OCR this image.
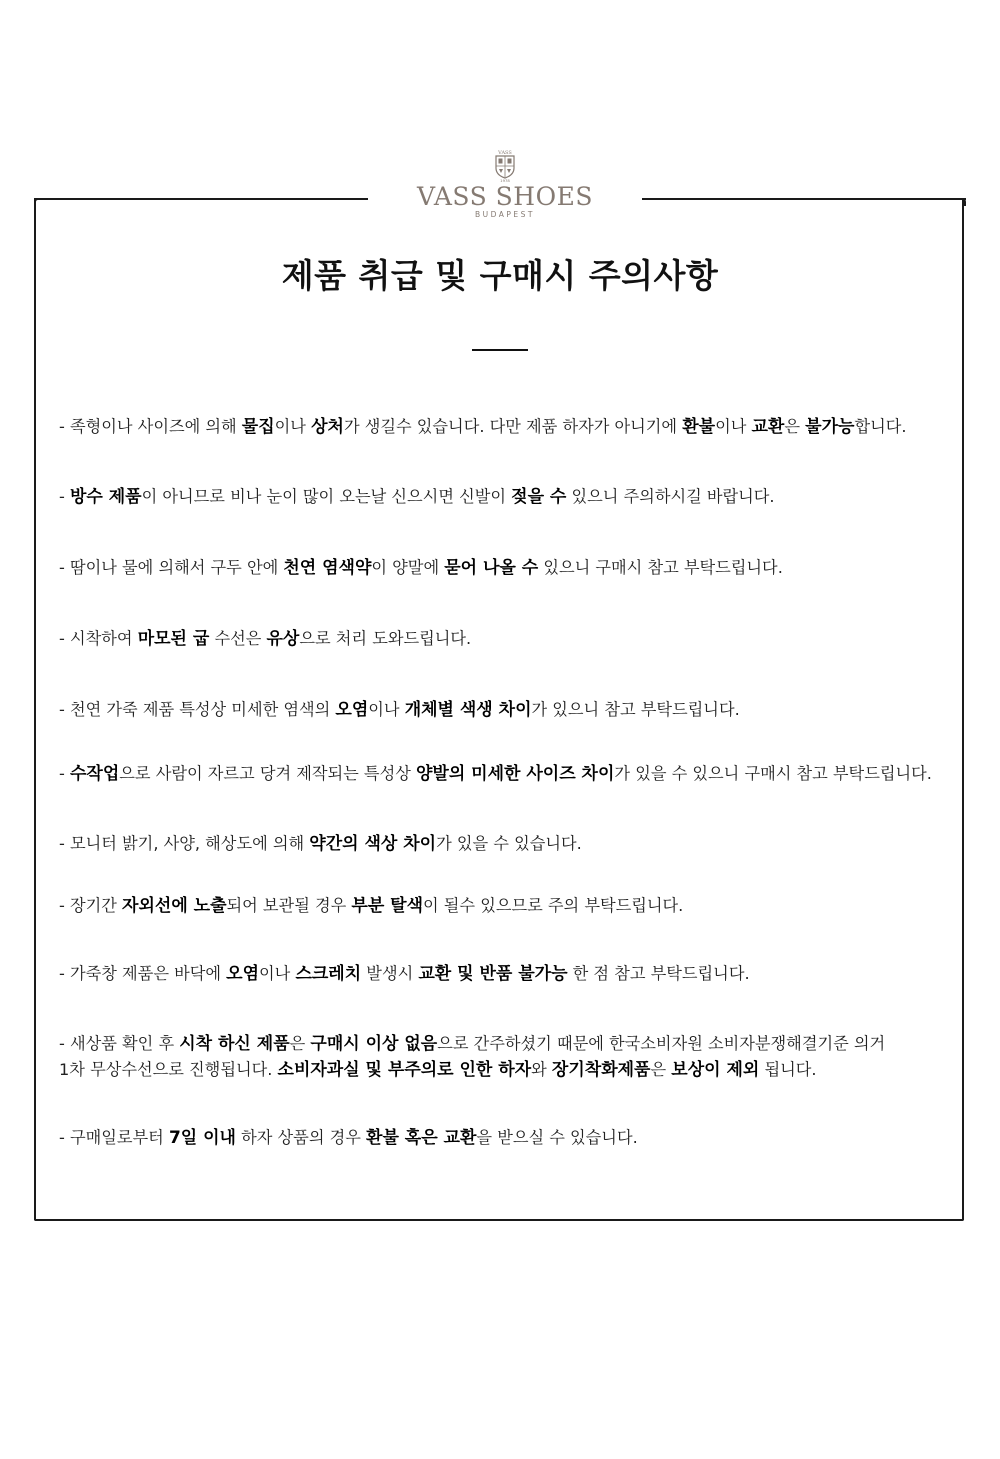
VASS
1978
VASS SHOES
BUDAPEST
제품 취급 및 구매시 주의사항

- 족형이나 사이즈에 의해 물집이나 상처가 생길수 있습니다. 다만 제품 하자가 아니기에 환불이나 교환은 불가능합니다.

- 방수 제품이 아니므로 비나 눈이 많이 오는날 신으시면 신발이 젖을 수 있으니 주의하시길 바랍니다.

- 땀이나 물에 의해서 구두 안에 천연 염색약이 양말에 묻어 나올 수 있으니 구매시 참고 부탁드립니다.

- 시착하여 마모된 굽 수선은 유상으로 처리 도와드립니다.

- 천연 가죽 제품 특성상 미세한 염색의 오염이나 개체별 색생 차이가 있으니 참고 부탁드립니다.

- 수작업으로 사람이 자르고 당겨 제작되는 특성상 양발의 미세한 사이즈 차이가 있을 수 있으니 구매시 참고 부탁드립니다.

- 모니터 밝기, 사양, 해상도에 의해 약간의 색상 차이가 있을 수 있습니다.

- 장기간 자외선에 노출되어 보관될 경우 부분 탈색이 될수 있으므로 주의 부탁드립니다.

- 가죽창 제품은 바닥에 오염이나 스크레치 발생시 교환 및 반품 불가능 한 점 참고 부탁드립니다.

- 새상품 확인 후 시착 하신 제품은 구매시 이상 없음으로 간주하셨기 때문에 한국소비자원 소비자분쟁해결기준 의거
1차 무상수선으로 진행됩니다. 소비자과실 및 부주의로 인한 하자와 장기착화제품은 보상이 제외 됩니다.

- 구매일로부터 7일 이내 하자 상품의 경우 환불 혹은 교환을 받으실 수 있습니다.
